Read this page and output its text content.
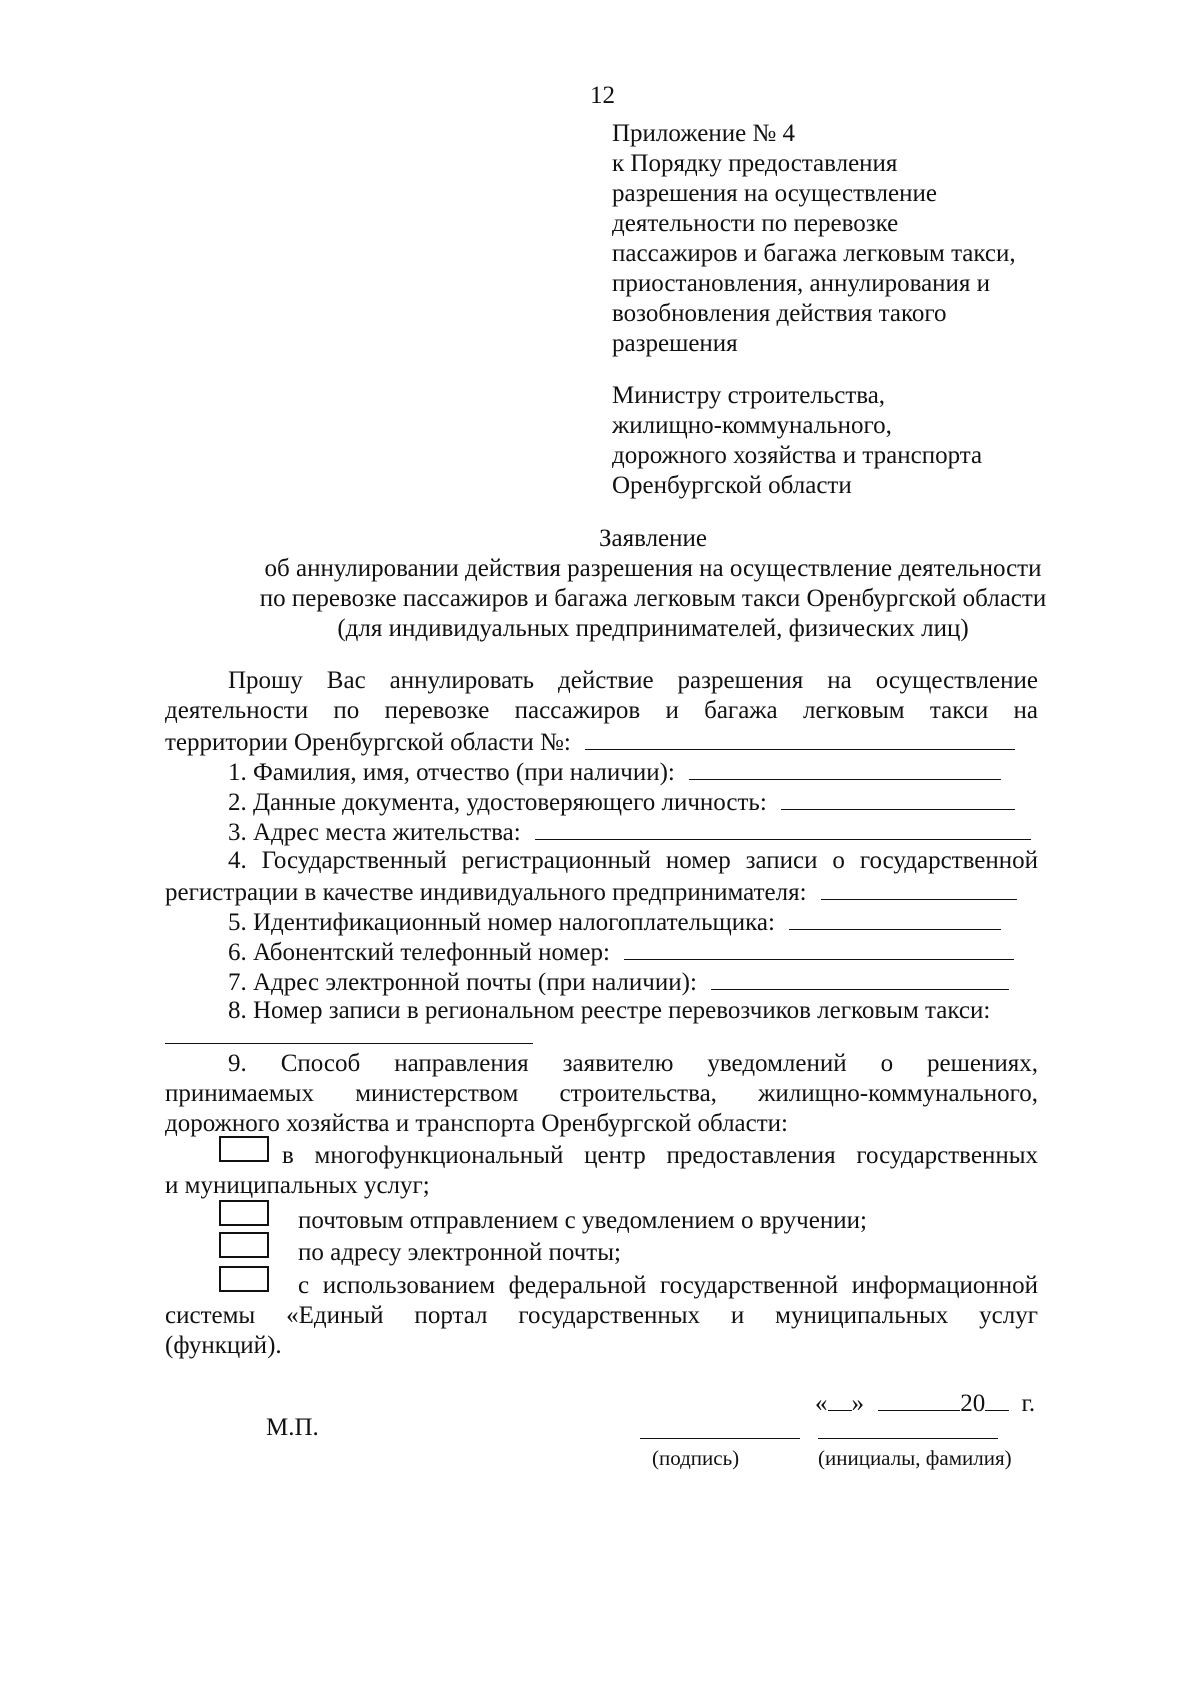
12
Приложение № 4
к Порядку предоставления
разрешения на осуществление
деятельности по перевозке
пассажиров и багажа легковым такси,
приостановления, аннулирования и
возобновления действия такого
разрешения
Министру строительства,
жилищно-коммунального,
дорожного хозяйства и транспорта
Оренбургской области
Заявление
об аннулировании действия разрешения на осуществление деятельности
по перевозке пассажиров и багажа легковым такси Оренбургской области
(для индивидуальных предпринимателей, физических лиц)
Прошу Вас аннулировать действие разрешения на осуществление
деятельности по перевозке пассажиров и багажа легковым такси на
территории Оренбургской области №:
1. Фамилия, имя, отчество (при наличии):
2. Данные документа, удостоверяющего личность:
3. Адрес места жительства:
4. Государственный регистрационный номер записи о государственной
регистрации в качестве индивидуального предпринимателя:
5. Идентификационный номер налогоплательщика:
6. Абонентский телефонный номер:
7. Адрес электронной почты (при наличии):
8. Номер записи в региональном реестре перевозчиков легковым такси:
9. Способ направления заявителю уведомлений о решениях,
принимаемых министерством строительства, жилищно-коммунального,
дорожного хозяйства и транспорта Оренбургской области:
в многофункциональный центр предоставления государственных
и муниципальных услуг;
почтовым отправлением с уведомлением о вручении;
по адресу электронной почты;
с использованием федеральной государственной информационной
системы «Единый портал государственных и муниципальных услуг
(функций).
« »	20 г.
М.П.
(подпись)	(инициалы, фамилия)
